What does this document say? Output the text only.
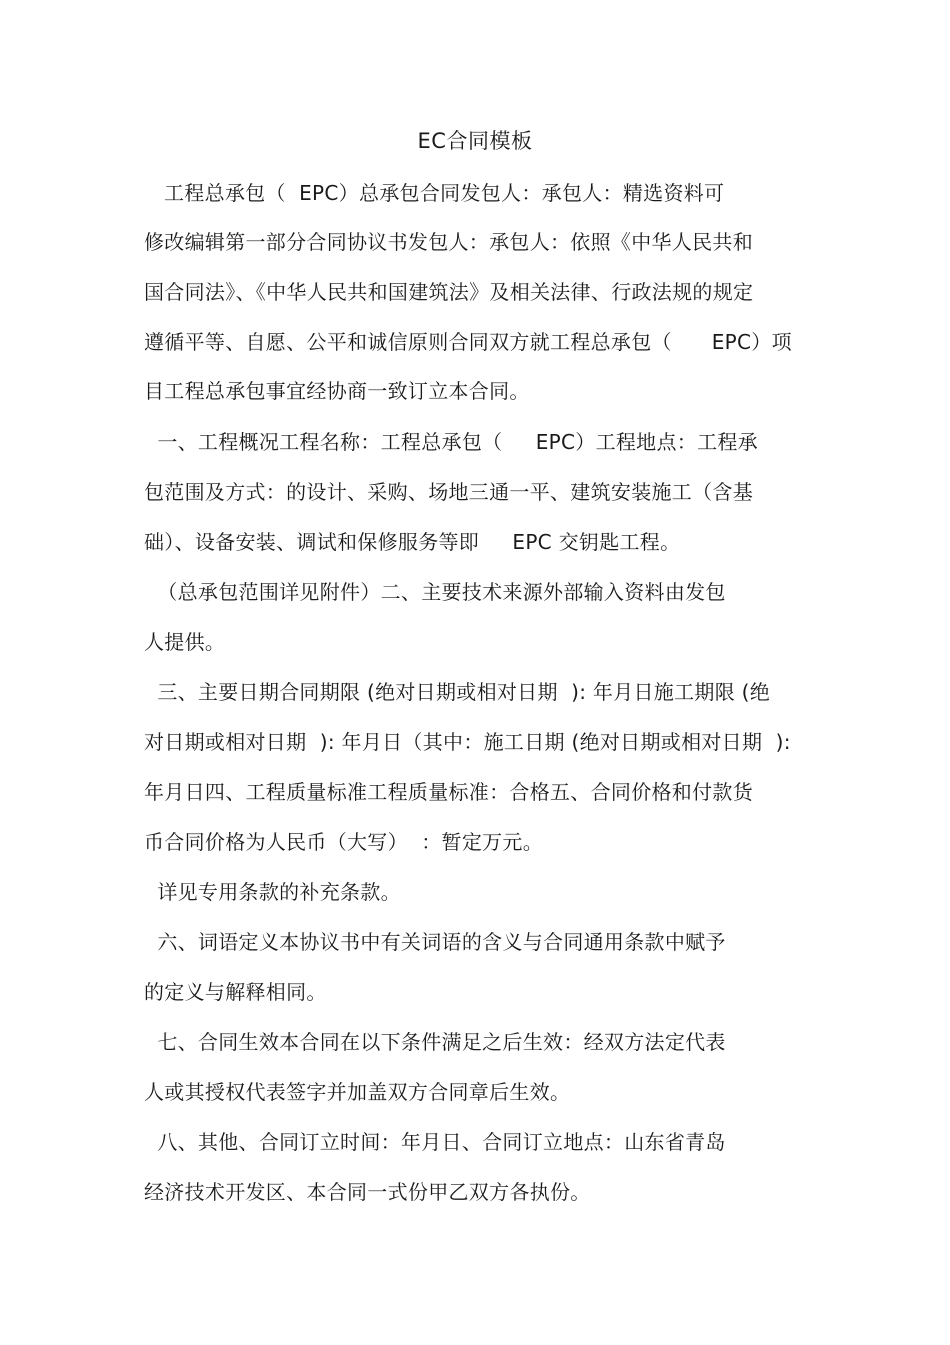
EC合同模板
工程总承包（  EPC）总承包合同发包人：承包人：精选资料可
修改编辑第一部分合同协议书发包人：承包人：依照《中华人民共和
国合同法》、《中华人民共和国建筑法》及相关法律、行政法规的规定
遵循平等、自愿、公平和诚信原则合同双方就工程总承包（      EPC）项
目工程总承包事宜经协商一致订立本合同。
一、工程概况工程名称：工程总承包（     EPC）工程地点：工程承
包范围及方式：的设计、采购、场地三通一平、建筑安装施工（含基
础）、设备安装、调试和保修服务等即     EPC 交钥匙工程。
（总承包范围详见附件）二、主要技术来源外部输入资料由发包
人提供。
三、主要日期合同期限 (绝对日期或相对日期  ): 年月日施工期限 (绝
对日期或相对日期  ): 年月日（其中：施工日期 (绝对日期或相对日期  ):
年月日四、工程质量标准工程质量标准：合格五、合同价格和付款货
币合同价格为人民币（大写）  ：暂定万元。
详见专用条款的补充条款。
六、词语定义本协议书中有关词语的含义与合同通用条款中赋予
的定义与解释相同。
七、合同生效本合同在以下条件满足之后生效：经双方法定代表
人或其授权代表签字并加盖双方合同章后生效。
八、其他、合同订立时间：年月日、合同订立地点：山东省青岛
经济技术开发区、本合同一式份甲乙双方各执份。
